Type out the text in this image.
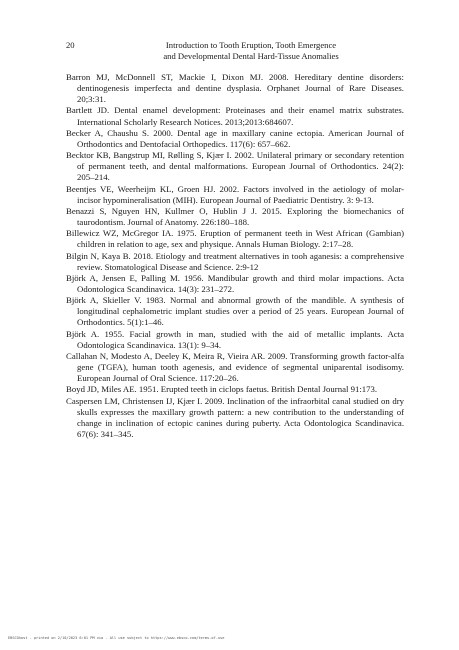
20	Introduction to Tooth Eruption, Tooth Emergence
and Developmental Dental Hard-Tissue Anomalies

Barron MJ, McDonnell ST, Mackie I, Dixon MJ. 2008. Hereditary dentine disorders: dentinogenesis imperfecta and dentine dysplasia. Orphanet Journal of Rare Diseases. 20;3:31.

Bartlett JD. Dental enamel development: Proteinases and their enamel matrix substrates. International Scholarly Research Notices. 2013;2013:684607.

Becker A, Chaushu S. 2000. Dental age in maxillary canine ectopia. American Journal of Orthodontics and Dentofacial Orthopedics. 117(6): 657–662.

Becktor KB, Bangstrup MI, Rølling S, Kjær I. 2002. Unilateral primary or secondary retention of permanent teeth, and dental malformations. European Journal of Orthodontics. 24(2): 205–214.

Beentjes VE, Weerheijm KL, Groen HJ. 2002. Factors involved in the aetiology of molar-incisor hypomineralisation (MIH). European Journal of Paediatric Dentistry. 3: 9-13.

Benazzi S, Nguyen HN, Kullmer O, Hublin J J. 2015. Exploring the biomechanics of taurodontism. Journal of Anatomy. 226:180–188.

Billewicz WZ, McGregor IA. 1975. Eruption of permanent teeth in West African (Gambian) children in relation to age, sex and physique. Annals Human Biology. 2:17–28.

Bilgin N, Kaya B. 2018. Etiology and treatment alternatives in tooh aganesis: a comprehensive review. Stomatological Disease and Science. 2:9-12

Björk A, Jensen E, Palling M. 1956. Mandibular growth and third molar impactions. Acta Odontologica Scandinavica. 14(3): 231–272.

Björk A, Skieller V. 1983. Normal and abnormal growth of the mandible. A synthesis of longitudinal cephalometric implant studies over a period of 25 years. European Journal of Orthodontics. 5(1):1–46.

Björk A. 1955. Facial growth in man, studied with the aid of metallic implants. Acta Odontologica Scandinavica. 13(1): 9–34.

Callahan N, Modesto A, Deeley K, Meira R, Vieira AR. 2009. Transforming growth factor-alfa gene (TGFA), human tooth agenesis, and evidence of segmental uniparental isodisomy. European Journal of Oral Science. 117:20–26.

Boyd JD, Miles AE. 1951. Erupted teeth in ciclops faetus. British Dental Journal 91:173.

Caspersen LM, Christensen IJ, Kjær I. 2009. Inclination of the infraorbital canal studied on dry skulls expresses the maxillary growth pattern: a new contribution to the understanding of change in inclination of ectopic canines during puberty. Acta Odontologica Scandinavica. 67(6): 341–345.

EBSCOhost - printed on 2/10/2023 6:01 PM via . All use subject to https://www.ebsco.com/terms-of-use
